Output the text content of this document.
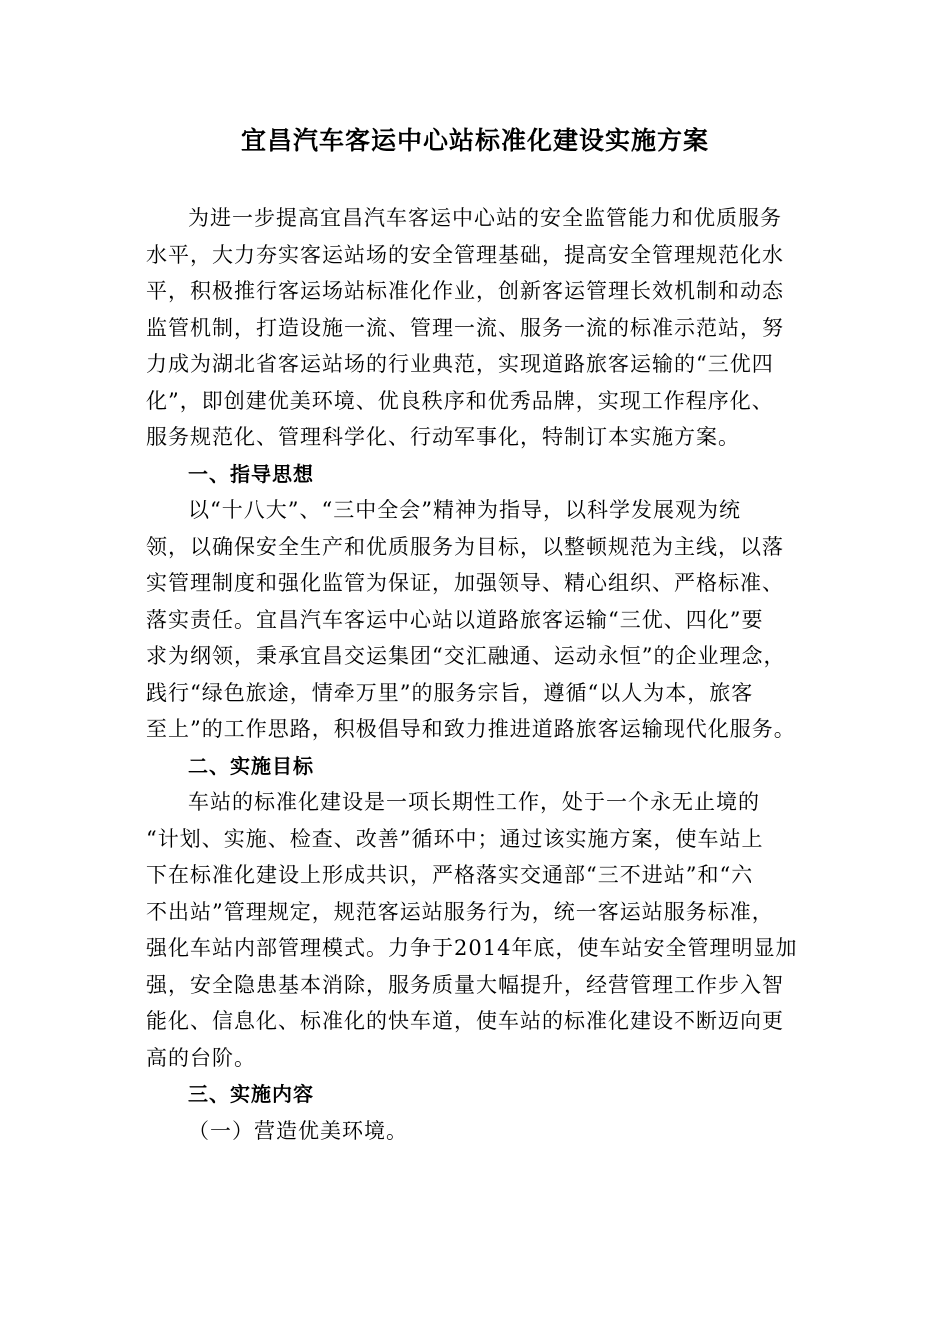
宜昌汽车客运中心站标准化建设实施方案
为进一步提高宜昌汽车客运中心站的安全监管能力和优质服务
水平，大力夯实客运站场的安全管理基础，提高安全管理规范化水
平，积极推行客运场站标准化作业，创新客运管理长效机制和动态
监管机制，打造设施一流、管理一流、服务一流的标准示范站，努
力成为湖北省客运站场的行业典范，实现道路旅客运输的“三优四
化”，即创建优美环境、优良秩序和优秀品牌，实现工作程序化、
服务规范化、管理科学化、行动军事化，特制订本实施方案。
一、指导思想
以“十八大”、“三中全会”精神为指导，以科学发展观为统
领，以确保安全生产和优质服务为目标，以整顿规范为主线，以落
实管理制度和强化监管为保证，加强领导、精心组织、严格标准、
落实责任。宜昌汽车客运中心站以道路旅客运输“三优、四化”要
求为纲领，秉承宜昌交运集团“交汇融通、运动永恒”的企业理念，
践行“绿色旅途，情牵万里”的服务宗旨，遵循“以人为本，旅客
至上”的工作思路，积极倡导和致力推进道路旅客运输现代化服务。
二、实施目标
车站的标准化建设是一项长期性工作，处于一个永无止境的
“计划、实施、检查、改善”循环中；通过该实施方案，使车站上
下在标准化建设上形成共识，严格落实交通部“三不进站”和“六
不出站”管理规定，规范客运站服务行为，统一客运站服务标准，
强化车站内部管理模式。力争于2014年底，使车站安全管理明显加
强，安全隐患基本消除，服务质量大幅提升，经营管理工作步入智
能化、信息化、标准化的快车道，使车站的标准化建设不断迈向更
高的台阶。
三、实施内容
（一）营造优美环境。
